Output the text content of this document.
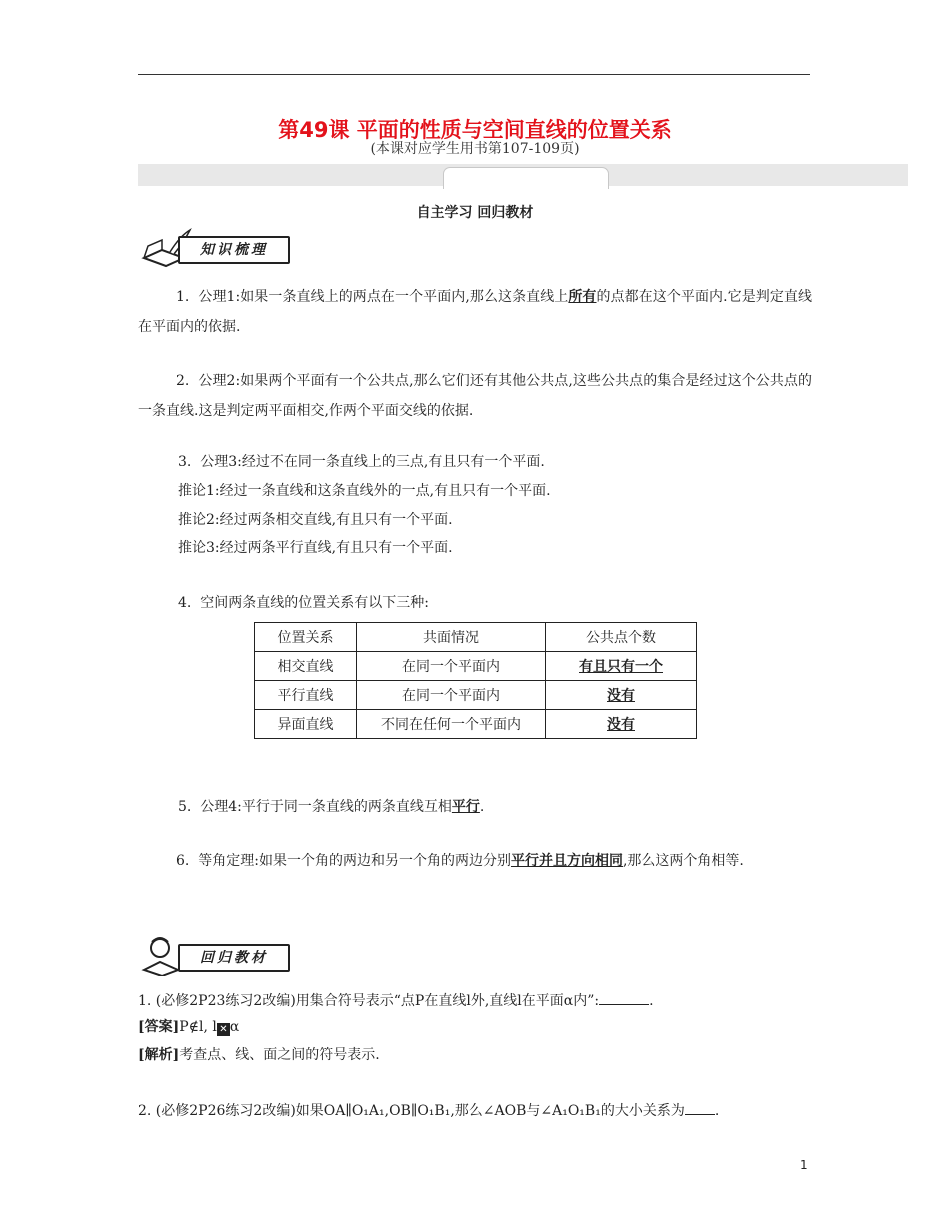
第49课 平面的性质与空间直线的位置关系
(本课对应学生用书第107-109页)
自主学习 回归教材
知识梳理
1. 公理1:如果一条直线上的两点在一个平面内,那么这条直线上所有的点都在这个平面内.它是判定直线在平面内的依据.
2. 公理2:如果两个平面有一个公共点,那么它们还有其他公共点,这些公共点的集合是经过这个公共点的一条直线.这是判定两平面相交,作两个平面交线的依据.
3. 公理3:经过不在同一条直线上的三点,有且只有一个平面.
推论1:经过一条直线和这条直线外的一点,有且只有一个平面.
推论2:经过两条相交直线,有且只有一个平面.
推论3:经过两条平行直线,有且只有一个平面.
4. 空间两条直线的位置关系有以下三种:
位置关系	共面情况	公共点个数
相交直线	在同一个平面内	有且只有一个
平行直线	在同一个平面内	没有
异面直线	不同在任何一个平面内	没有
5. 公理4:平行于同一条直线的两条直线互相平行.
6. 等角定理:如果一个角的两边和另一个角的两边分别平行并且方向相同,那么这两个角相等.
回归教材
1. (必修2P23练习2改编)用集合符号表示“点P在直线l外,直线l在平面α内”:	.
[答案]P∉l, l ✕ α
[解析]考查点、线、面之间的符号表示.
2. (必修2P26练习2改编)如果OA∥O₁A₁,OB∥O₁B₁,那么∠AOB与∠A₁O₁B₁的大小关系为 .
1
